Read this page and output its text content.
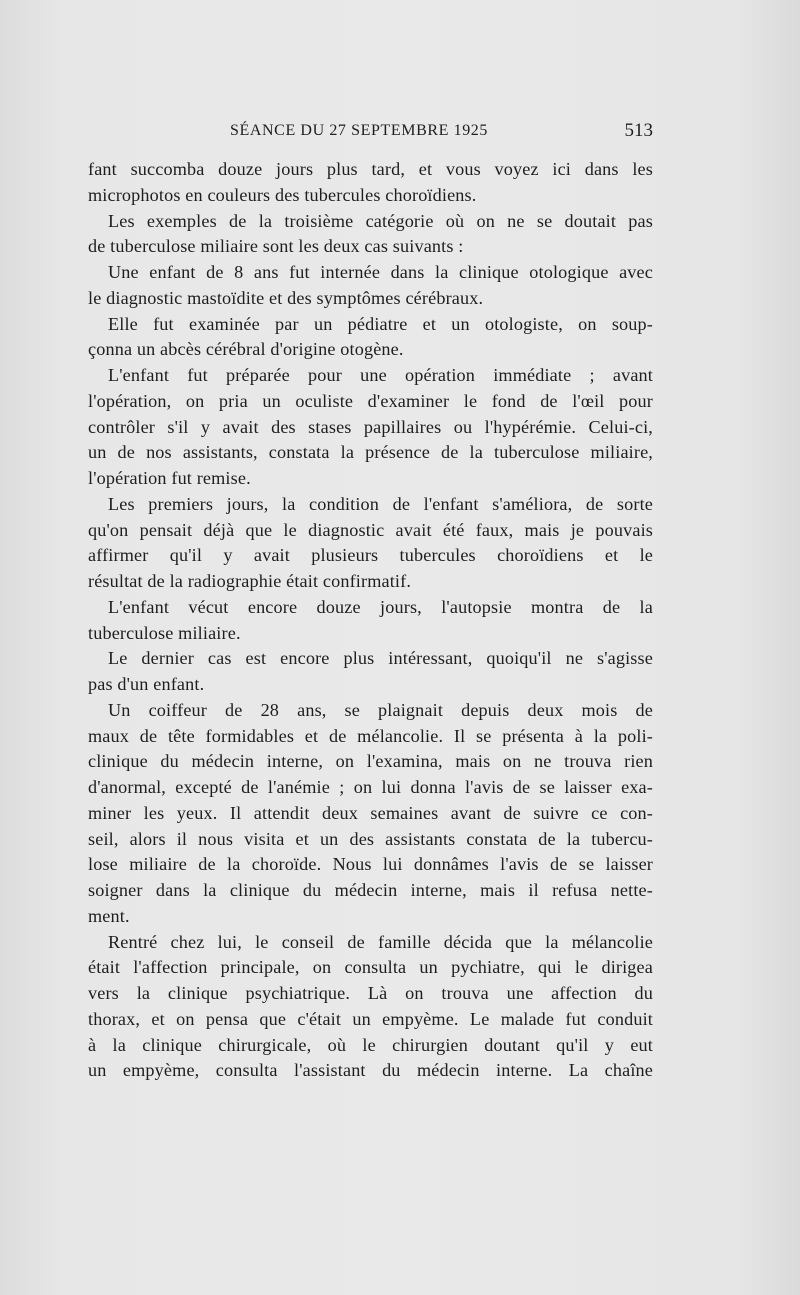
SÉANCE DU 27 SEPTEMBRE 1925	513
fant succomba douze jours plus tard, et vous voyez ici dans les
microphotos en couleurs des tubercules choroïdiens.
Les exemples de la troisième catégorie où on ne se doutait pas
de tuberculose miliaire sont les deux cas suivants :
Une enfant de 8 ans fut internée dans la clinique otologique avec
le diagnostic mastoïdite et des symptômes cérébraux.
Elle fut examinée par un pédiatre et un otologiste, on soup-
çonna un abcès cérébral d'origine otogène.
L'enfant fut préparée pour une opération immédiate ; avant
l'opération, on pria un oculiste d'examiner le fond de l'œil pour
contrôler s'il y avait des stases papillaires ou l'hypérémie. Celui-ci,
un de nos assistants, constata la présence de la tuberculose miliaire,
l'opération fut remise.
Les premiers jours, la condition de l'enfant s'améliora, de sorte
qu'on pensait déjà que le diagnostic avait été faux, mais je pouvais
affirmer qu'il y avait plusieurs tubercules choroïdiens et le
résultat de la radiographie était confirmatif.
L'enfant vécut encore douze jours, l'autopsie montra de la
tuberculose miliaire.
Le dernier cas est encore plus intéressant, quoiqu'il ne s'agisse
pas d'un enfant.
Un coiffeur de 28 ans, se plaignait depuis deux mois de
maux de tête formidables et de mélancolie. Il se présenta à la poli-
clinique du médecin interne, on l'examina, mais on ne trouva rien
d'anormal, excepté de l'anémie ; on lui donna l'avis de se laisser exa-
miner les yeux. Il attendit deux semaines avant de suivre ce con-
seil, alors il nous visita et un des assistants constata de la tubercu-
lose miliaire de la choroïde. Nous lui donnâmes l'avis de se laisser
soigner dans la clinique du médecin interne, mais il refusa nette-
ment.
Rentré chez lui, le conseil de famille décida que la mélancolie
était l'affection principale, on consulta un pychiatre, qui le dirigea
vers la clinique psychiatrique. Là on trouva une affection du
thorax, et on pensa que c'était un empyème. Le malade fut conduit
à la clinique chirurgicale, où le chirurgien doutant qu'il y eut
un empyème, consulta l'assistant du médecin interne. La chaîne
